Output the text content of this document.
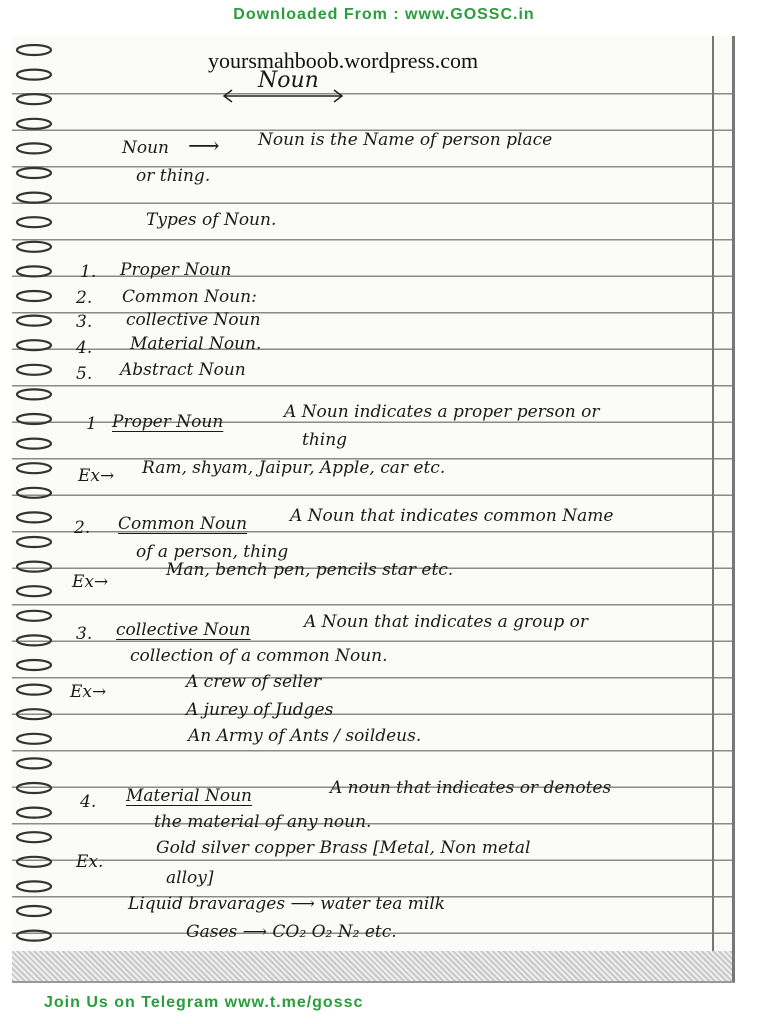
Downloaded From : www.GOSSC.in
yoursmahboob.wordpress.com
Noun
Noun ⟶ Noun is the Name of person place
or thing.
Types of Noun.
1. Proper Noun
2. Common Noun:
3. collective Noun
4. Material Noun.
5. Abstract Noun
1 Proper Noun	A Noun indicates a proper person or
thing
Ex→ Ram, shyam, Jaipur, Apple, car etc.
2. Common Noun	A Noun that indicates common Name
of a person, thing
Ex→
Man, bench pen, pencils star etc.
3. collective Noun	A Noun that indicates a group or
collection of a common Noun.
Ex→	A crew of seller
A jurey of Judges
An Army of Ants / soildeus.
4. Material Noun	A noun that indicates or denotes
the material of any noun.
Ex.
Gold silver copper Brass [Metal, Non metal
alloy]
Liquid bravarages ⟶ water tea milk
Gases ⟶ CO₂ O₂ N₂ etc.
Join Us on Telegram www.t.me/gossc
